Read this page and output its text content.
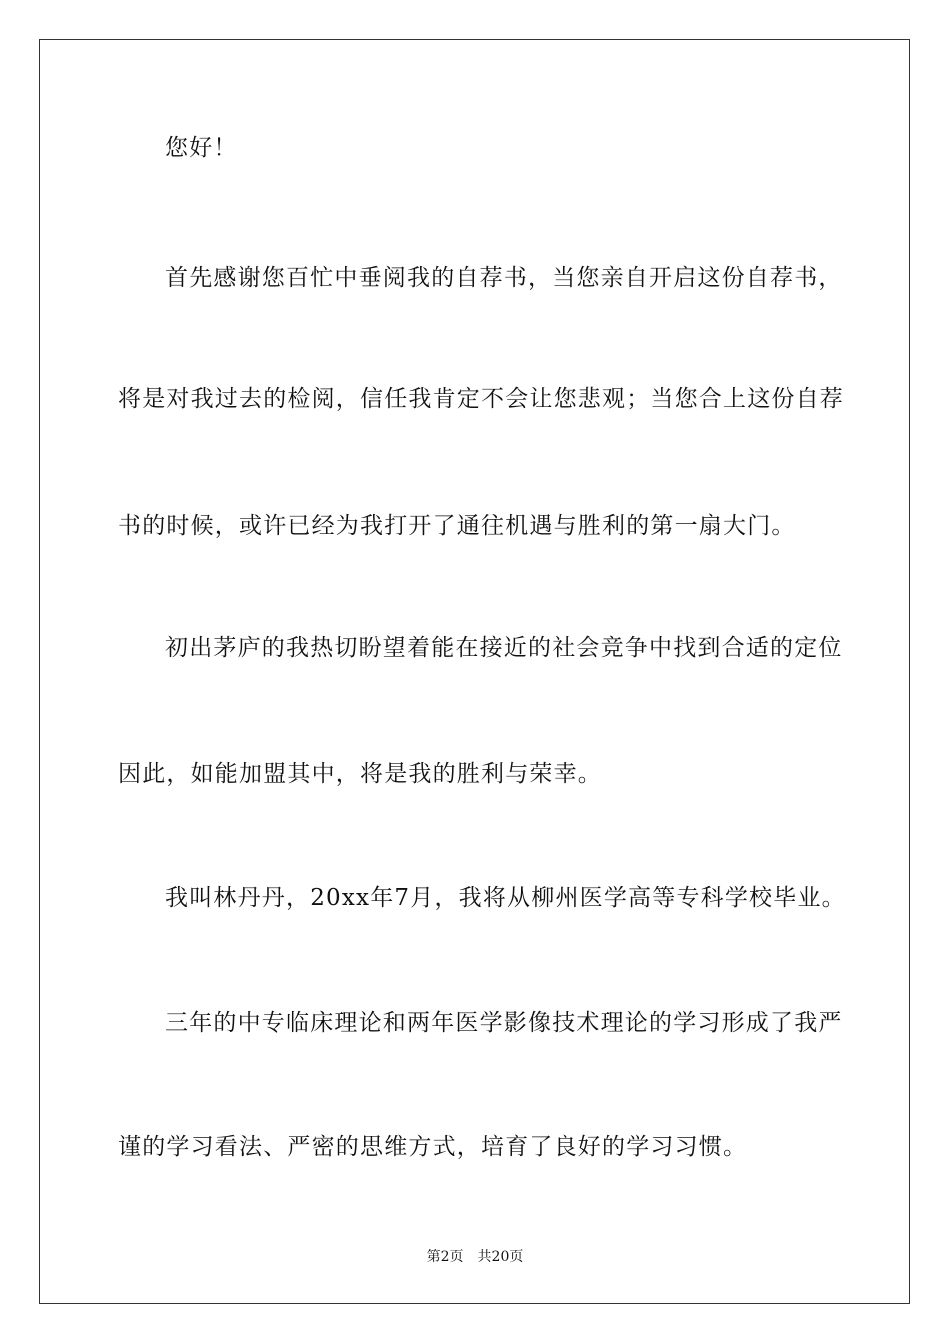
您好！
首先感谢您百忙中垂阅我的自荐书，当您亲自开启这份自荐书，
将是对我过去的检阅，信任我肯定不会让您悲观；当您合上这份自荐
书的时候，或许已经为我打开了通往机遇与胜利的第一扇大门。
初出茅庐的我热切盼望着能在接近的社会竞争中找到合适的定位
因此，如能加盟其中，将是我的胜利与荣幸。
我叫林丹丹，20xx年7月，我将从柳州医学高等专科学校毕业。
三年的中专临床理论和两年医学影像技术理论的学习形成了我严
谨的学习看法、严密的思维方式，培育了良好的学习习惯。
第2页 共20页
